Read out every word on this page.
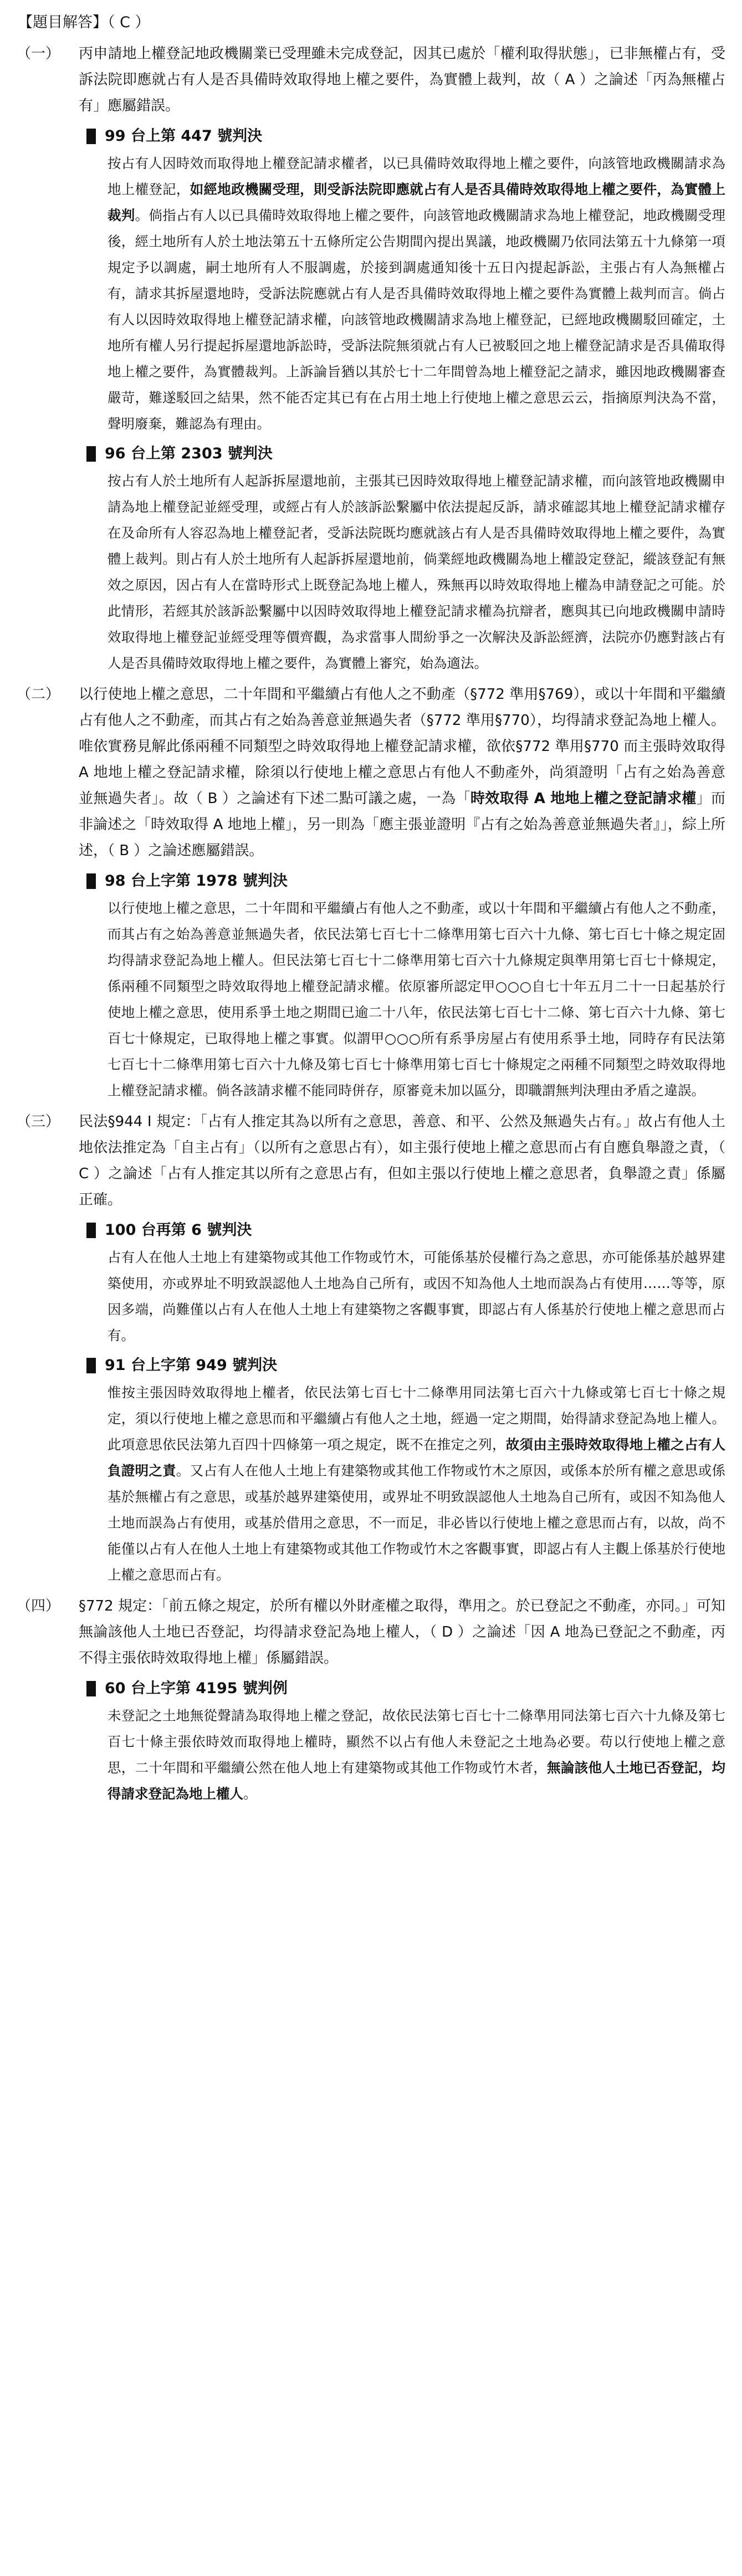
【題目解答】（ C ）
（一）	丙申請地上權登記地政機關業已受理雖未完成登記，因其已處於「權利取得狀態」，已非無權占有，受訴法院即應就占有人是否具備時效取得地上權之要件，為實體上裁判，故（ A ）之論述「丙為無權占有」應屬錯誤。

99 台上第 447 號判決

按占有人因時效而取得地上權登記請求權者，以已具備時效取得地上權之要件，向該管地政機關請求為地上權登記，如經地政機關受理，則受訴法院即應就占有人是否具備時效取得地上權之要件，為實體上裁判。倘指占有人以已具備時效取得地上權之要件，向該管地政機關請求為地上權登記，地政機關受理後，經土地所有人於土地法第五十五條所定公告期間內提出異議，地政機關乃依同法第五十九條第一項規定予以調處，嗣土地所有人不服調處，於接到調處通知後十五日內提起訴訟，主張占有人為無權占有，請求其拆屋還地時，受訴法院應就占有人是否具備時效取得地上權之要件為實體上裁判而言。倘占有人以因時效取得地上權登記請求權，向該管地政機關請求為地上權登記，已經地政機關駁回確定，土地所有權人另行提起拆屋還地訴訟時，受訴法院無須就占有人已被駁回之地上權登記請求是否具備取得地上權之要件，為實體裁判。上訴論旨猶以其於七十二年間曾為地上權登記之請求，雖因地政機關審查嚴苛，難遂駁回之結果，然不能否定其已有在占用土地上行使地上權之意思云云，指摘原判決為不當，聲明廢棄，難認為有理由。

96 台上第 2303 號判決

按占有人於土地所有人起訴拆屋還地前，主張其已因時效取得地上權登記請求權，而向該管地政機關申請為地上權登記並經受理，或經占有人於該訴訟繫屬中依法提起反訴，請求確認其地上權登記請求權存在及命所有人容忍為地上權登記者，受訴法院既均應就該占有人是否具備時效取得地上權之要件，為實體上裁判。則占有人於土地所有人起訴拆屋還地前，倘業經地政機關為地上權設定登記，縱該登記有無效之原因，因占有人在當時形式上既登記為地上權人，殊無再以時效取得地上權為申請登記之可能。於此情形，若經其於該訴訟繫屬中以因時效取得地上權登記請求權為抗辯者，應與其已向地政機關申請時效取得地上權登記並經受理等價齊觀，為求當事人間紛爭之一次解決及訴訟經濟，法院亦仍應對該占有人是否具備時效取得地上權之要件，為實體上審究，始為適法。

（二）	以行使地上權之意思，二十年間和平繼續占有他人之不動產（§772 準用§769），或以十年間和平繼續占有他人之不動產，而其占有之始為善意並無過失者（§772 準用§770），均得請求登記為地上權人。唯依實務見解此係兩種不同類型之時效取得地上權登記請求權，欲依§772 準用§770 而主張時效取得 A 地地上權之登記請求權，除須以行使地上權之意思占有他人不動產外，尚須證明「占有之始為善意並無過失者」。故（ B ）之論述有下述二點可議之處，一為「時效取得 A 地地上權之登記請求權」而非論述之「時效取得 A 地地上權」，另一則為「應主張並證明『占有之始為善意並無過失者』」，綜上所述，（ B ）之論述應屬錯誤。

98 台上字第 1978 號判決

以行使地上權之意思，二十年間和平繼續占有他人之不動產，或以十年間和平繼續占有他人之不動產，而其占有之始為善意並無過失者，依民法第七百七十二條準用第七百六十九條、第七百七十條之規定固均得請求登記為地上權人。但民法第七百七十二條準用第七百六十九條規定與準用第七百七十條規定，係兩種不同類型之時效取得地上權登記請求權。依原審所認定甲○○○自七十年五月二十一日起基於行使地上權之意思，使用系爭土地之期間已逾二十八年，依民法第七百七十二條、第七百六十九條、第七百七十條規定，已取得地上權之事實。似謂甲○○○所有系爭房屋占有使用系爭土地，同時存有民法第七百七十二條準用第七百六十九條及第七百七十條準用第七百七十條規定之兩種不同類型之時效取得地上權登記請求權。倘各該請求權不能同時併存，原審竟未加以區分，即職謂無判決理由矛盾之違誤。

（三）	民法§944 I 規定：「占有人推定其為以所有之意思，善意、和平、公然及無過失占有。」故占有他人土地依法推定為「自主占有」（以所有之意思占有），如主張行使地上權之意思而占有自應負舉證之責，（ C ）之論述「占有人推定其以所有之意思占有，但如主張以行使地上權之意思者，負舉證之責」係屬正確。

100 台再第 6 號判決

占有人在他人土地上有建築物或其他工作物或竹木，可能係基於侵權行為之意思，亦可能係基於越界建築使用，亦或界址不明致誤認他人土地為自己所有，或因不知為他人土地而誤為占有使用……等等，原因多端，尚難僅以占有人在他人土地上有建築物之客觀事實，即認占有人係基於行使地上權之意思而占有。

91 台上字第 949 號判決

惟按主張因時效取得地上權者，依民法第七百七十二條準用同法第七百六十九條或第七百七十條之規定，須以行使地上權之意思而和平繼續占有他人之土地，經過一定之期間，始得請求登記為地上權人。此項意思依民法第九百四十四條第一項之規定，既不在推定之列，故須由主張時效取得地上權之占有人負證明之責。又占有人在他人土地上有建築物或其他工作物或竹木之原因，或係本於所有權之意思或係基於無權占有之意思，或基於越界建築使用，或界址不明致誤認他人土地為自己所有，或因不知為他人土地而誤為占有使用，或基於借用之意思，不一而足，非必皆以行使地上權之意思而占有，以故，尚不能僅以占有人在他人土地上有建築物或其他工作物或竹木之客觀事實，即認占有人主觀上係基於行使地上權之意思而占有。

（四）	§772 規定：「前五條之規定，於所有權以外財產權之取得，準用之。於已登記之不動產，亦同。」可知無論該他人土地已否登記，均得請求登記為地上權人，（ D ）之論述「因 A 地為已登記之不動產，丙不得主張依時效取得地上權」係屬錯誤。

60 台上字第 4195 號判例

未登記之土地無從聲請為取得地上權之登記，故依民法第七百七十二條準用同法第七百六十九條及第七百七十條主張依時效而取得地上權時，顯然不以占有他人未登記之土地為必要。苟以行使地上權之意思，二十年間和平繼續公然在他人地上有建築物或其他工作物或竹木者，無論該他人土地已否登記，均得請求登記為地上權人。
